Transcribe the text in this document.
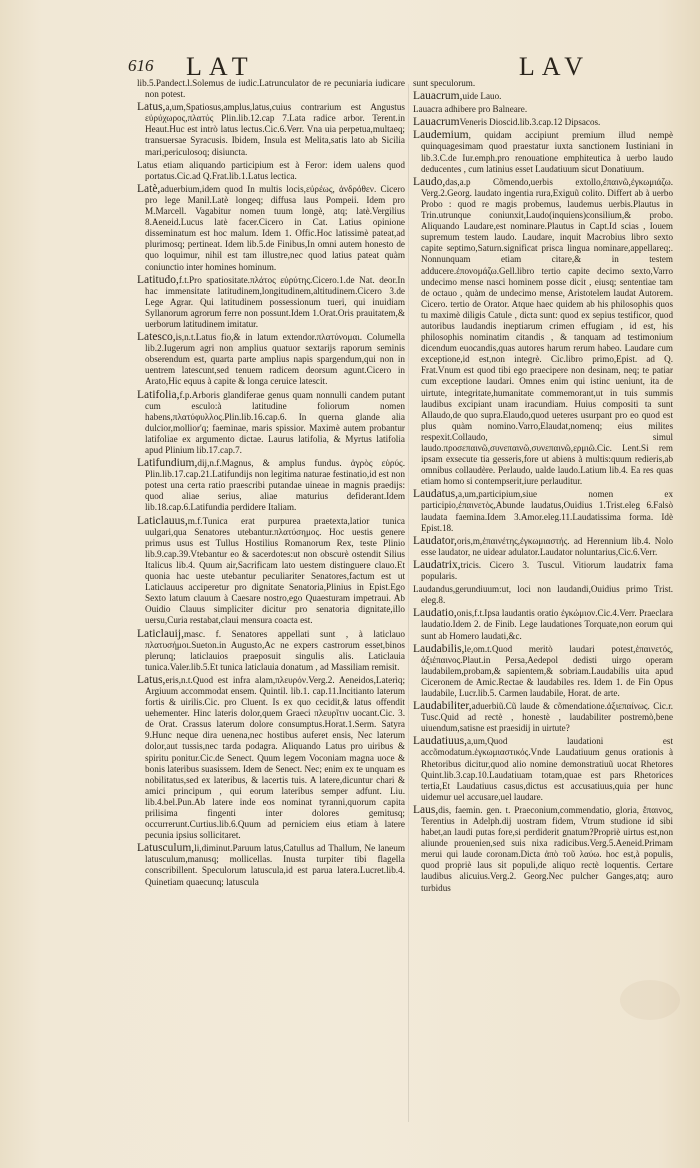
616 LAT	LAV

lib.5.Pandect.l.Solemus de iudic.Latrunculator de re pecuniaria iudicare non potest.

Latus,a,um,Spatiosus,amplus,latus,cuius contrarium est Angustus εὐρύχωρος,πλατύς Plin.lib.12.cap 7.Lata radice arbor. Terent.in Heaut.Huc est intrò latus lectus.Cic.6.Verr. Vna uia perpetua,multaeq; transuersae Syracusis. Ibidem, Insula est Melita,satis lato ab Sicilia mari,periculosoq; disiuncta.

Latus etiam aliquando participium est à Feror: idem ualens quod portatus.Cic.ad Q.Frat.lib.1.Latus lectica.

Latè,aduerbium,idem quod In multis locis,εὐρέως, ἀνδρόθεν. Cicero pro lege Manil.Latè longeq; diffusa laus Pompeii. Idem pro M.Marcell. Vagabitur nomen tuum longè, atq; latè.Vergilius 8.Aeneid.Lucus latè facer.Cicero in Cat. Latius opinione disseminatum est hoc malum. Idem 1. Offic.Hoc latissimè pateat,ad plurimosq; pertineat. Idem lib.5.de Finibus,In omni autem honesto de quo loquimur, nihil est tam illustre,nec quod latius pateat quàm coniunctio inter homines hominum.

Latitudo,f.t.Pro spatiositate.πλάτος εὐρύτης.Cicero.1.de Nat. deor.In hac immensitate latitudinem,longitudinem,altitudinem.Cicero 3.de Lege Agrar. Qui latitudinem possessionum tueri, qui inuidiam Syllanorum agrorum ferre non possunt.Idem 1.Orat.Oris prauitatem,& uerborum latitudinem imitatur.

Latesco,is,n.t.Latus fio,& in latum extendor.πλατύνομαι. Columella lib.2.Iugerum agri non amplius quatuor sextarijs raporum seminis obserendum est, quarta parte amplius napis spargendum,qui non in uentrem latescunt,sed tenuem radicem deorsum agunt.Cicero in Arato,Hic equus à capite & longa ceruice latescit.

Latifolia,f.p.Arboris glandiferae genus quam nonnulli candem putant cum esculo:à latitudine foliorum nomen habens,πλατύφυλλος.Plin.lib.16.cap.6. In querna glande alia dulcior,mollior'q; faeminae, maris spissior. Maximè autem probantur latifoliae ex argumento dictae. Laurus latifolia, & Myrtus latifolia apud Plinium lib.17.cap.7.

Latifundium,dij,n.f.Magnus, & amplus fundus. ἀγρὸς εὐρύς. Plin.lib.17.cap.21.Latifundijs non legitima naturae festinatio,id est non potest una certa ratio praescribi putandae uineae in magnis praedijs: quod aliae serius, aliae maturius defiderant.Idem lib.18.cap.6.Latifundia perdidere Italiam.

Laticlauus,m.f.Tunica erat purpurea praetexta,latior tunica uulgari,qua Senatores utebantur.πλατύσημος. Hoc uestis genere primus usus est Tullus Hostilius Romanorum Rex, teste Plinio lib.9.cap.39.Vtebantur eo & sacerdotes:ut non obscurè ostendit Silius Italicus lib.4. Quum air,Sacrificam lato uestem distinguere clauo.Et quonia hac ueste utebantur peculiariter Senatores,factum est ut Laticlauus acciperetur pro dignitate Senatoria,Plinius in Epist.Ego Sexto latum clauum à Caesare nostro,ego Quaesturam impetraui. Ab Ouidio Clauus simpliciter dicitur pro senatoria dignitate,illo uersu,Curia restabat,claui mensura coacta est.

Laticlauij,masc. f. Senatores appellati sunt , à laticlauo πλατυσήμοι.Sueton.in Augusto,Ac ne expers castrorum esset,binos plerunq; laticlauios praeposuit singulis alis. Laticlauia tunica.Valer.lib.5.Et tunica laticlauia donatum , ad Massiliam remisit.

Latus,eris,n.t.Quod est infra alam,πλευρόν.Verg.2. Aeneidos,Laterìq; Argiuum accommodat ensem. Quintil. lib.1. cap.11.Incitianto laterum fortis & uirilis.Cic. pro Cluent. Is ex quo cecidit,& latus offendit uehementer. Hinc lateris dolor,quem Graeci πλευρῖτιν uocant.Cic. 3. de Orat. Crassus laterum dolore consumptus.Horat.1.Serm. Satyra 9.Hunc neque dira uenena,nec hostibus auferet ensis, Nec laterum dolor,aut tussis,nec tarda podagra. Aliquando Latus pro uiribus & spiritu ponitur.Cic.de Senect. Quum legem Voconiam magna uoce & bonis lateribus suasissem. Idem de Senect. Nec; enim ex te unquam es nobilitatus,sed ex lateribus, & lacertis tuis. A latere,dicuntur chari & amici principum , qui eorum lateribus semper adfunt. Liu. lib.4.bel.Pun.Ab latere inde eos nominat tyranni,quorum capita prilisima fingenti inter dolores gemitusq; occurrerunt.Curtius.lib.6.Quum ad perniciem eius etiam à latere pecunia ipsius sollicitaret.

Latusculum,li,diminut.Paruum latus,Catullus ad Thallum, Ne laneum latusculum,manusq; mollicellas. Inusta turpiter tibi flagella conscribillent. Speculorum latuscula,id est parua latera.Lucret.lib.4. Quinetiam quaecunq; latuscula

sunt speculorum.

Lauacrum,uide Lauo.

Lauacra adhibere pro Balneare.

LauacrumVeneris Dioscid.lib.3.cap.12 Dipsacos.

Laudemium, quidam accipiunt premium illud nempè quinquagesimam quod praestatur iuxta sanctionem Iustiniani in lib.3.C.de Iur.emph.pro renouatione emphiteutica à uerbo laudo deducentes , cum latinius esset Laudatiuum sicut Donatiuum.

Laudo,das,a.p Cõmendo,uerbis extollo,ἐπαινῶ,ἐγκωμιάζω. Verg.2.Georg. laudato ingentia rura,Exiguũ colito. Differt ab à uerbo Probo : quod re magis probemus, laudemus uerbis.Plautus in Trin.utrunque coniunxit,Laudo(inquiens)consilium,& probo. Aliquando Laudare,est nominare.Plautus in Capt.Id scias , Iouem supremum testem laudo. Laudare, inquit Macrobius libro sexto capite septimo,Saturn.significat prisca lingua nominare,appellareq;. Nonnunquam etiam citare,& in testem adducere.ἐπονομάζω.Gell.libro tertio capite decimo sexto,Varro undecimo mense nasci hominem posse dicit , eiusq; sententiae tam de octauo , quàm de undecimo mense, Aristotelem laudat Autorem. Cicero. tertio de Orator. Atque haec quidem ab his philosophis quos tu maximè diligis Catule , dicta sunt: quod ex sepius testificor, quod autoribus laudandis ineptiarum crimen effugiam , id est, his philosophis nominatim citandis , & tanquam ad testimonium dicendum euocandis,quas autores harum rerum habeo. Laudare cum exceptione,id est,non integrè. Cic.libro primo,Epist. ad Q. Frat.Vnum est quod tibi ego praecipere non desinam, neq; te patiar cum exceptione laudari. Omnes enim qui istinc ueniunt, ita de uirtute, integritate,humanitate commemorant,ut in tuis summis laudibus excipiant unam iracundiam. Huius compositi ta sunt Allaudo,de quo supra.Elaudo,quod ueteres usurpant pro eo quod est plus quàm nomino.Varro,Elaudat,nomenq; eius milites respexit.Collaudo, simul laudo.προσεπαινῶ,συνεπαινῶ,συνεπαινῶ,ερμιῶ.Cic. Lent.Si rem ipsam exsecute tia gesseris,fore ut abiens à multis:quum redieris,ab omnibus collaudère. Perlaudo, ualde laudo.Latium lib.4. Ea res quas etiam homo si contempserit,iure perlauditur.

Laudatus,a,um,participium,siue nomen ex participio,ἐπαινετὸς,Abunde laudatus,Ouidius 1.Trist.eleg 6.Falsò laudata faemina.Idem 3.Amor.eleg.11.Laudatissima forma. Idè Epist.18.

Laudator,oris,m,ἐπαινέτης,ἐγκωμιαστής. ad Herennium lib.4. Nolo esse laudator, ne uidear adulator.Laudator noluntarius,Cic.6.Verr.

Laudatrix,tricis. Cicero 3. Tuscul. Vitiorum laudatrix fama popularis.

Laudandus,gerundiuum:ut, loci non laudandi,Ouidius primo Trist. eleg.8.

Laudatio,onis,f.t.Ipsa laudantis oratio ἐγκώμιον.Cic.4.Verr. Praeclara laudatio.Idem 2. de Finib. Lege laudationes Torquate,non eorum qui sunt ab Homero laudati,&c.

Laudabilis,le,om.t.Quod meritò laudari potest,ἐπαινετός, ἀξιέπαινος.Plaut.in Persa,Aedepol dedisti uirgo operam laudabilem,probam,& sapientem,& sobriam.Laudabilis uita apud Ciceronem de Amic.Rectae & laudabiles res. Idem 1. de Fin Opus laudabile, Lucr.lib.5. Carmen laudabile, Horat. de arte.

Laudabiliter,aduerbiũ.Cũ laude & cõmendatione.ἀξιεπαίνως. Cic.r. Tusc.Quid ad rectè , honestè , laudabiliter postremò,bene uiuendum,satisne est praesidij in uirtute?

Laudatiuus,a,um,Quod laudationi est accõmodatum.ἐγκωμιαστικός.Vnde Laudatiuum genus orationis à Rhetoribus dicitur,quod alio nomine demonstratiuũ uocat Rhetores Quint.lib.3.cap.10.Laudatiuam totam,quae est pars Rhetorices tertia,Et Laudatiuus casus,dictus est accusatiuus,quia per hunc uidemur uel accusare,uel laudare.

Laus,dis, faemin. gen. t. Praeconium,commendatio, gloria, ἔπαινος, Terentius in Adelph.dij uostram fidem, Vtrum studione id sibi habet,an laudi putas fore,si perdiderit gnatum?Propriè uirtus est,non aliunde prouenien,sed suis nixa radicibus.Verg.5.Aeneid.Primam merui qui laude coronam.Dicta ἀπὸ τοῦ λαύω. hoc est,à populis, quod propriè laus sit populi,de aliquo rectè loquentis. Certare laudibus alicuius.Verg.2. Georg.Nec pulcher Ganges,atq; auro turbidus
